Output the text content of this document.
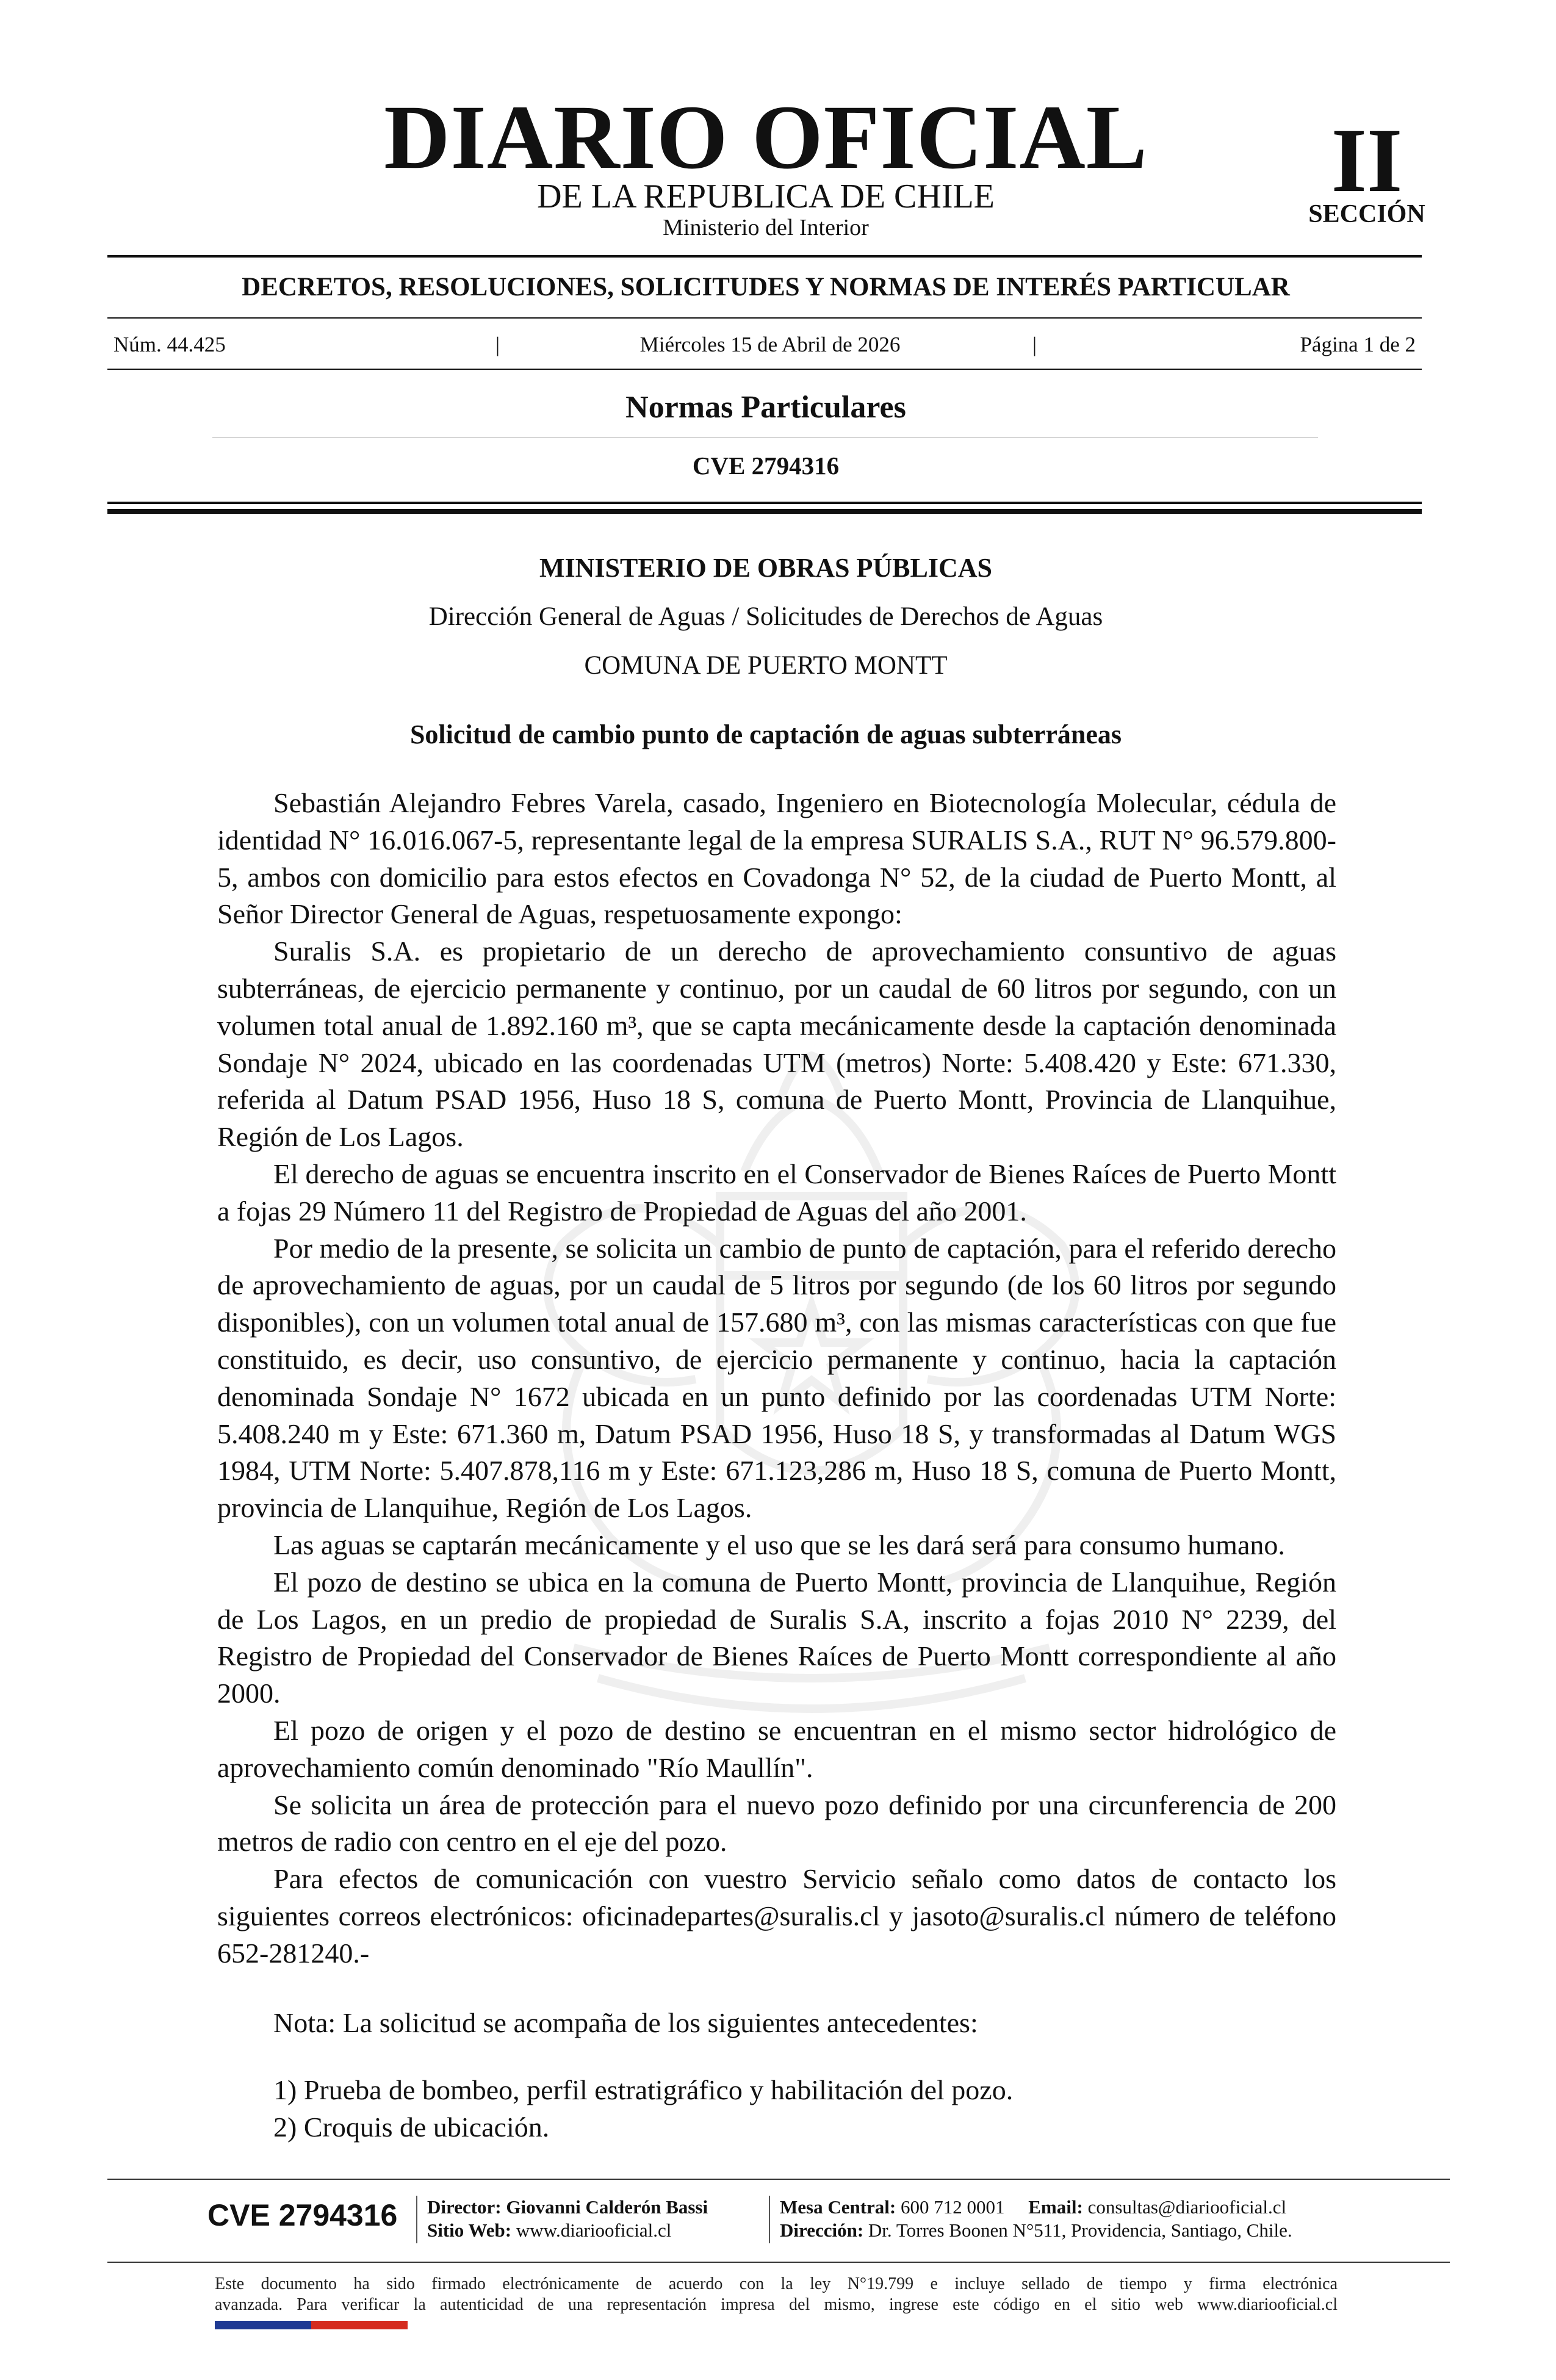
DIARIO OFICIAL
DE LA REPUBLICA DE CHILE
Ministerio del Interior
II
SECCIÓN
DECRETOS, RESOLUCIONES, SOLICITUDES Y NORMAS DE INTERÉS PARTICULAR
Núm. 44.425	|	Miércoles 15 de Abril de 2026	|	Página 1 de 2
Normas Particulares
CVE 2794316
MINISTERIO DE OBRAS PÚBLICAS
Dirección General de Aguas / Solicitudes de Derechos de Aguas
COMUNA DE PUERTO MONTT
Solicitud de cambio punto de captación de aguas subterráneas

Sebastián Alejandro Febres Varela, casado, Ingeniero en Biotecnología Molecular, cédula de identidad N° 16.016.067-5, representante legal de la empresa SURALIS S.A., RUT N° 96.579.800-5, ambos con domicilio para estos efectos en Covadonga N° 52, de la ciudad de Puerto Montt, al Señor Director General de Aguas, respetuosamente expongo:

Suralis S.A. es propietario de un derecho de aprovechamiento consuntivo de aguas subterráneas, de ejercicio permanente y continuo, por un caudal de 60 litros por segundo, con un volumen total anual de 1.892.160 m³, que se capta mecánicamente desde la captación denominada Sondaje N° 2024, ubicado en las coordenadas UTM (metros) Norte: 5.408.420 y Este: 671.330, referida al Datum PSAD 1956, Huso 18 S, comuna de Puerto Montt, Provincia de Llanquihue, Región de Los Lagos.

El derecho de aguas se encuentra inscrito en el Conservador de Bienes Raíces de Puerto Montt a fojas 29 Número 11 del Registro de Propiedad de Aguas del año 2001.

Por medio de la presente, se solicita un cambio de punto de captación, para el referido derecho de aprovechamiento de aguas, por un caudal de 5 litros por segundo (de los 60 litros por segundo disponibles), con un volumen total anual de 157.680 m³, con las mismas características con que fue constituido, es decir, uso consuntivo, de ejercicio permanente y continuo, hacia la captación denominada Sondaje N° 1672 ubicada en un punto definido por las coordenadas UTM Norte: 5.408.240 m y Este: 671.360 m, Datum PSAD 1956, Huso 18 S, y transformadas al Datum WGS 1984, UTM Norte: 5.407.878,116 m y Este: 671.123,286 m, Huso 18 S, comuna de Puerto Montt, provincia de Llanquihue, Región de Los Lagos.

Las aguas se captarán mecánicamente y el uso que se les dará será para consumo humano.

El pozo de destino se ubica en la comuna de Puerto Montt, provincia de Llanquihue, Región de Los Lagos, en un predio de propiedad de Suralis S.A, inscrito a fojas 2010 N° 2239, del Registro de Propiedad del Conservador de Bienes Raíces de Puerto Montt correspondiente al año 2000.

El pozo de origen y el pozo de destino se encuentran en el mismo sector hidrológico de aprovechamiento común denominado "Río Maullín".

Se solicita un área de protección para el nuevo pozo definido por una circunferencia de 200 metros de radio con centro en el eje del pozo.

Para efectos de comunicación con vuestro Servicio señalo como datos de contacto los siguientes correos electrónicos: oficinadepartes@suralis.cl y jasoto@suralis.cl número de teléfono 652-281240.-

Nota: La solicitud se acompaña de los siguientes antecedentes:

1) Prueba de bombeo, perfil estratigráfico y habilitación del pozo.

2) Croquis de ubicación.

CVE 2794316 Director: Giovanni Calderón Bassi
Sitio Web: www.diariooficial.cl
Mesa Central: 600 712 0001 Email: consultas@diariooficial.cl
Dirección: Dr. Torres Boonen N°511, Providencia, Santiago, Chile.
Este documento ha sido firmado electrónicamente de acuerdo con la ley N°19.799 e incluye sellado de tiempo y firma electrónica
avanzada. Para verificar la autenticidad de una representación impresa del mismo, ingrese este código en el sitio web www.diariooficial.cl
